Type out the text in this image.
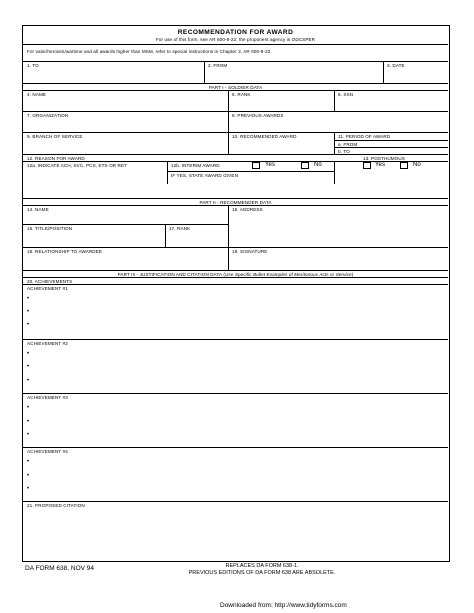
RECOMMENDATION FOR AWARD
For use of this form, see AR 600-8-22; the proponent agency is ODCSPER
For valor/heroism/wartime and all awards higher than MSM, refer to special instructions in Chapter 3, AR 600-8-22.
1. TO	2. FROM	3. DATE
PART I - SOLDIER DATA
4. NAME	5. RANK	6. SSN
7. ORGANIZATION	8. PREVIOUS AWARDS
9. BRANCH OF SERVICE	10. RECOMMENDED AWARD	11. PERIOD OF AWARD
a. FROM
b. TO
12. REASON FOR AWARD	13. POSTHUMOUS
12a. INDICATE ACH, SVC, PCS, ETS OR RET	12b. INTERIM AWARD	Yes	No
IF YES, STATE AWARD GIVEN
Yes	No
PART II - RECOMMENDER DATA
14. NAME	15. ADDRESS
16. TITLE/POSITION	17. RANK
18. RELATIONSHIP TO AWARDEE	19. SIGNATURE
PART III - JUSTIFICATION AND CITATION DATA (Use Specific Bullet Examples of Meritorious Acts or Service)
20. ACHIEVEMENTS
ACHIEVEMENT #1
•
•
•
ACHIEVEMENT #2
•
•
•
ACHIEVEMENT #3
•
•
•
ACHIEVEMENT #4
•
•
•
21. PROPOSED CITATION
DA FORM 638, NOV 94	REPLACES DA FORM 638-1.
PREVIOUS EDITIONS OF DA FORM 638 ARE ABSOLETE.
Downloaded from: http://www.tidyforms.com
